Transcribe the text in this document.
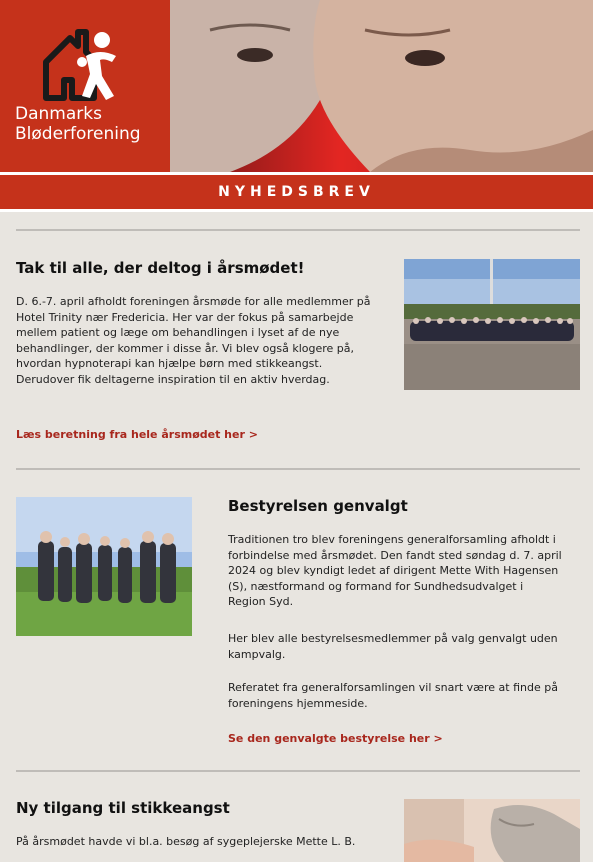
Danmarks
Bløderforening
NYHEDSBREV
Tak til alle, der deltog i årsmødet!

D. 6.-7. april afholdt foreningen årsmøde for alle medlemmer på Hotel Trinity nær Fredericia. Her var der fokus på samarbejde mellem patient og læge om behandlingen i lyset af de nye behandlinger, der kommer i disse år. Vi blev også klogere på, hvordan hypnoterapi kan hjælpe børn med stikkeangst. Derudover fik deltagerne inspiration til en aktiv hverdag.

Læs beretning fra hele årsmødet her >
Bestyrelsen genvalgt

Traditionen tro blev foreningens generalforsamling afholdt i forbindelse med årsmødet. Den fandt sted søndag d. 7. april 2024 og blev kyndigt ledet af dirigent Mette With Hagensen (S), næstformand og formand for Sundhedsudvalget i Region Syd.

Her blev alle bestyrelsesmedlemmer på valg genvalgt uden kampvalg.

Referatet fra generalforsamlingen vil snart være at finde på foreningens hjemmeside.

Se den genvalgte bestyrelse her >
Ny tilgang til stikkeangst

På årsmødet havde vi bl.a. besøg af sygeplejerske Mette L. B.
